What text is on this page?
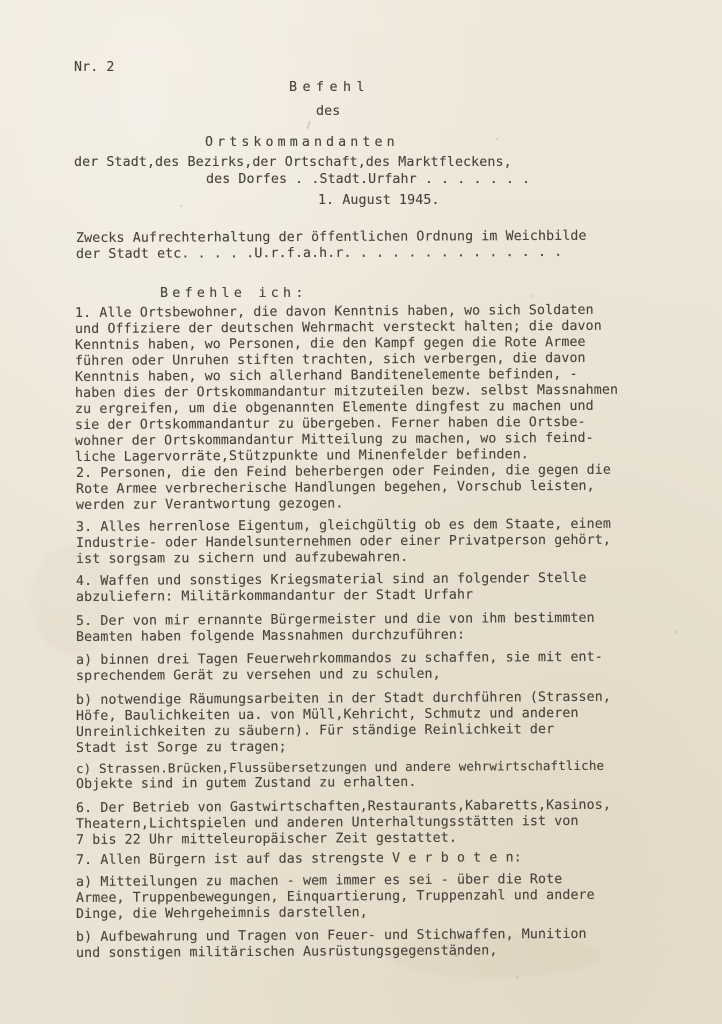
Nr. 2
Befehl
des
Ortskommandanten
der Stadt,des Bezirks,der Ortschaft,des Marktfleckens,
des Dorfes . .Stadt.Urfahr . . . . . . .
1. August 1945.
Zwecks Aufrechterhaltung der öffentlichen Ordnung im Weichbilde
der Stadt etc. . . . .U.r.f.a.h.r. . . . . . . . . . . . . .
Befehle ich:
1. Alle Ortsbewohner, die davon Kenntnis haben, wo sich Soldaten
und Offiziere der deutschen Wehrmacht versteckt halten; die davon
Kenntnis haben, wo Personen, die den Kampf gegen die Rote Armee
führen oder Unruhen stiften trachten, sich verbergen, die davon
Kenntnis haben, wo sich allerhand Banditenelemente befinden, -
haben dies der Ortskommandantur mitzuteilen bezw. selbst Massnahmen
zu ergreifen, um die obgenannten Elemente dingfest zu machen und
sie der Ortskommandantur zu übergeben. Ferner haben die Ortsbe-
wohner der Ortskommandantur Mitteilung zu machen, wo sich feind-
liche Lagervorräte,Stützpunkte und Minenfelder befinden.
2. Personen, die den Feind beherbergen oder Feinden, die gegen die
Rote Armee verbrecherische Handlungen begehen, Vorschub leisten,
werden zur Verantwortung gezogen.
3. Alles herrenlose Eigentum, gleichgültig ob es dem Staate, einem
Industrie- oder Handelsunternehmen oder einer Privatperson gehört,
ist sorgsam zu sichern und aufzubewahren.
4. Waffen und sonstiges Kriegsmaterial sind an folgender Stelle
abzuliefern: Militärkommandantur der Stadt Urfahr
5. Der von mir ernannte Bürgermeister und die von ihm bestimmten
Beamten haben folgende Massnahmen durchzuführen:
a) binnen drei Tagen Feuerwehrkommandos zu schaffen, sie mit ent-
sprechendem Gerät zu versehen und zu schulen,
b) notwendige Räumungsarbeiten in der Stadt durchführen (Strassen,
Höfe, Baulichkeiten ua. von Müll,Kehricht, Schmutz und anderen
Unreinlichkeiten zu säubern). Für ständige Reinlichkeit der
Stadt ist Sorge zu tragen;
c) Strassen.Brücken,Flussübersetzungen und andere wehrwirtschaftliche
Objekte sind in gutem Zustand zu erhalten.
6. Der Betrieb von Gastwirtschaften,Restaurants,Kabaretts,Kasinos,
Theatern,Lichtspielen und anderen Unterhaltungsstätten ist von
7 bis 22 Uhr mitteleuropäischer Zeit gestattet.
7. Allen Bürgern ist auf das strengste V e r b o t e n:
a) Mitteilungen zu machen - wem immer es sei - über die Rote
Armee, Truppenbewegungen, Einquartierung, Truppenzahl und andere
Dinge, die Wehrgeheimnis darstellen,
b) Aufbewahrung und Tragen von Feuer- und Stichwaffen, Munition
und sonstigen militärischen Ausrüstungsgegenständen,
